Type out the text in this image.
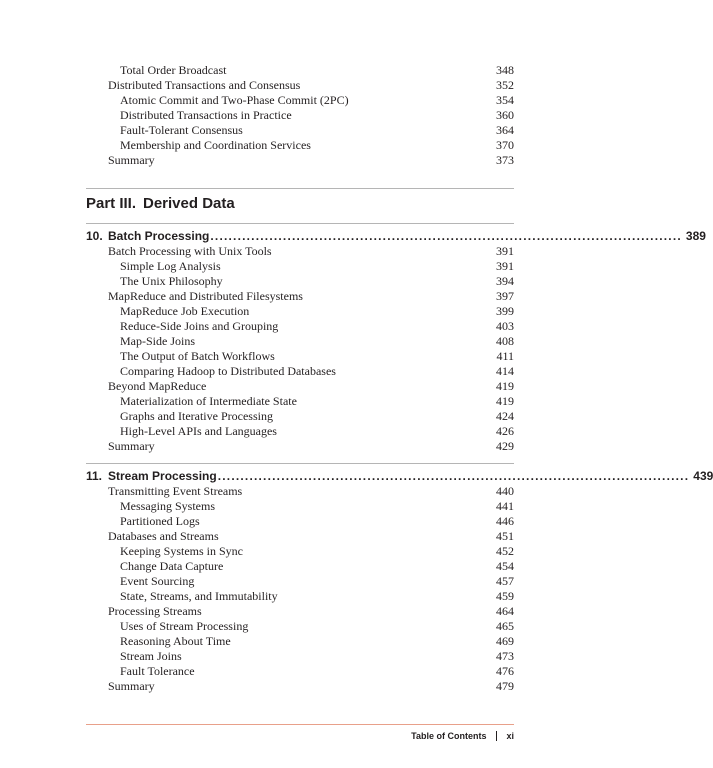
Total Order Broadcast	348
Distributed Transactions and Consensus	352
Atomic Commit and Two-Phase Commit (2PC)	354
Distributed Transactions in Practice	360
Fault-Tolerant Consensus	364
Membership and Coordination Services	370
Summary	373
Part III. Derived Data
10. Batch Processing ........................................................................................................ 389
Batch Processing with Unix Tools	391
Simple Log Analysis	391
The Unix Philosophy	394
MapReduce and Distributed Filesystems	397
MapReduce Job Execution	399
Reduce-Side Joins and Grouping	403
Map-Side Joins	408
The Output of Batch Workflows	411
Comparing Hadoop to Distributed Databases	414
Beyond MapReduce	419
Materialization of Intermediate State	419
Graphs and Iterative Processing	424
High-Level APIs and Languages	426
Summary	429
11. Stream Processing ........................................................................................................ 439
Transmitting Event Streams	440
Messaging Systems	441
Partitioned Logs	446
Databases and Streams	451
Keeping Systems in Sync	452
Change Data Capture	454
Event Sourcing	457
State, Streams, and Immutability	459
Processing Streams	464
Uses of Stream Processing	465
Reasoning About Time	469
Stream Joins	473
Fault Tolerance	476
Summary	479
Table of Contents xi
